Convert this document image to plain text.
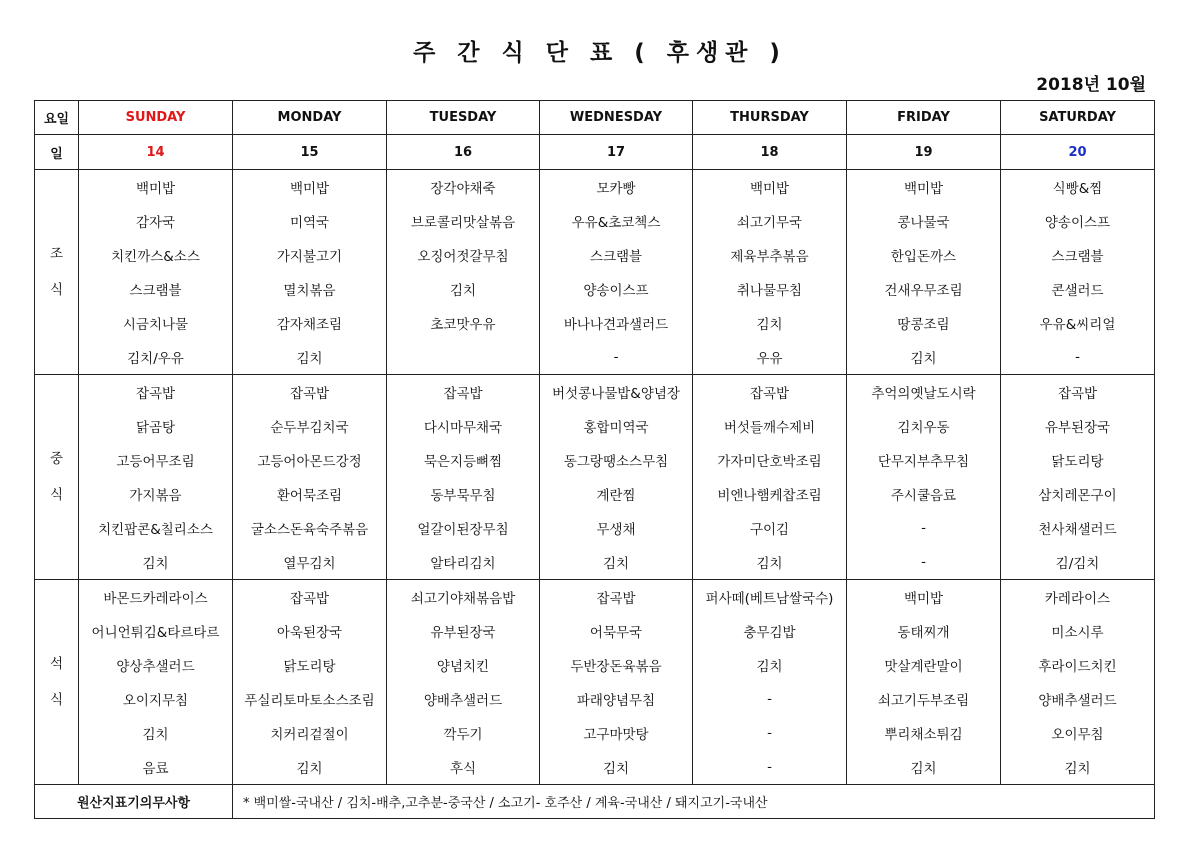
주 간 식 단 표 ( 후생관 )
2018년 10월
요일	SUNDAY	MONDAY	TUESDAY	WEDNESDAY	THURSDAY	FRIDAY	SATURDAY
일	14	15	16	17	18	19	20
조
식	백미밥	백미밥	장각야채죽	모카빵	백미밥	백미밥	식빵&찜
	감자국	미역국	브로콜리맛살볶음	우유&초코첵스	쇠고기무국	콩나물국	양송이스프
	치킨까스&소스	가지불고기	오징어젓갈무침	스크램블	제육부추볶음	한입돈까스	스크램블
	스크램블	멸치볶음	김치	양송이스프	취나물무침	건새우무조림	콘샐러드
	시금치나물	감자채조림	초코맛우유	바나나견과샐러드	김치	땅콩조림	우유&씨리얼
	김치/우유	김치		-	우유	김치	-
중
식	잡곡밥	잡곡밥	잡곡밥	버섯콩나물밥&양념장	잡곡밥	추억의옛날도시락	잡곡밥
	닭곰탕	순두부김치국	다시마무채국	홍합미역국	버섯들깨수제비	김치우동	유부된장국
	고등어무조림	고등어아몬드강정	묵은지등뼈찜	동그랑땡소스무침	가자미단호박조림	단무지부추무침	닭도리탕
	가지볶음	환어묵조림	동부묵무침	계란찜	비엔나햄케찹조림	주시쿨음료	삼치레몬구이
	치킨팝콘&칠리소스	굴소스돈육숙주볶음	얼갈이된장무침	무생채	구이김	-	천사채샐러드
	김치	열무김치	알타리김치	김치	김치	-	김/김치
석
식	바몬드카레라이스	잡곡밥	쇠고기야채볶음밥	잡곡밥	퍼사떼(베트남쌀국수)	백미밥	카레라이스
	어니언튀김&타르타르	아욱된장국	유부된장국	어묵무국	충무김밥	동태찌개	미소시루
	양상추샐러드	닭도리탕	양념치킨	두반장돈육볶음	김치	맛살계란말이	후라이드치킨
	오이지무침	푸실리토마토소스조림	양배추샐러드	파래양념무침	-	쇠고기두부조림	양배추샐러드
	김치	치커리겉절이	깍두기	고구마맛탕	-	뿌리채소튀김	오이무침
	음료	김치	후식	김치	-	김치	김치
원산지표기의무사항		* 백미쌀-국내산 / 김치-배추,고추분-중국산 / 소고기- 호주산 / 계육-국내산 / 돼지고기-국내산					
